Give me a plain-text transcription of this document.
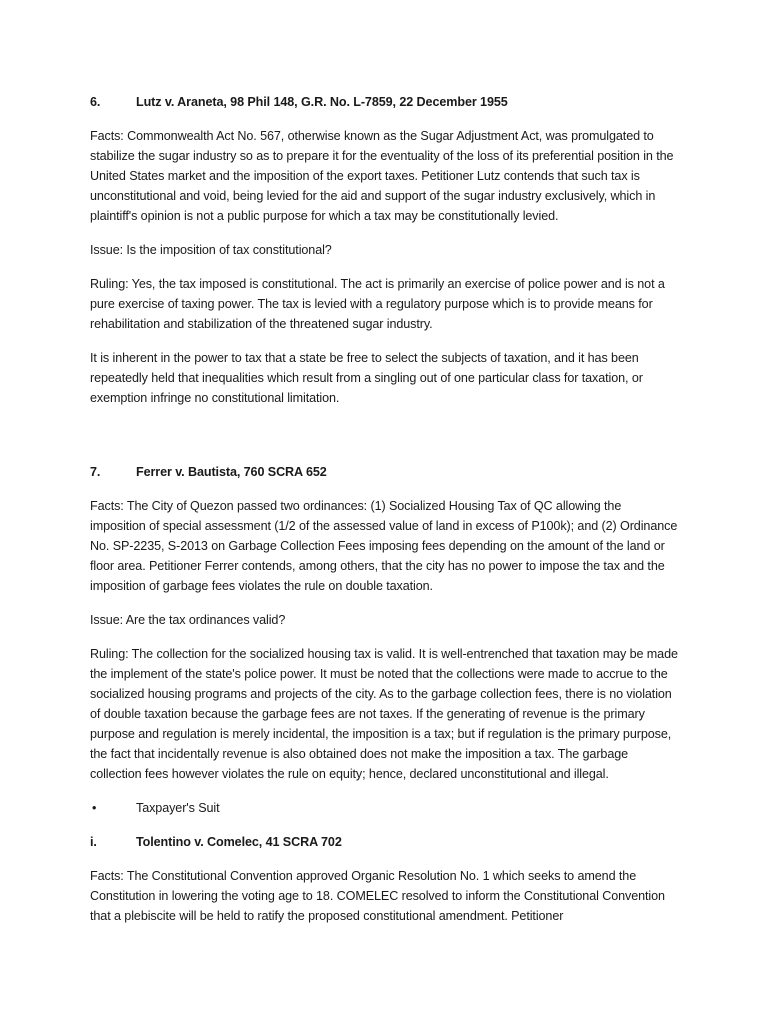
6.	Lutz v. Araneta, 98 Phil 148, G.R. No. L-7859, 22 December 1955

Facts: Commonwealth Act No. 567, otherwise known as the Sugar Adjustment Act, was promulgated to stabilize the sugar industry so as to prepare it for the eventuality of the loss of its preferential position in the United States market and the imposition of the export taxes. Petitioner Lutz contends that such tax is unconstitutional and void, being levied for the aid and support of the sugar industry exclusively, which in plaintiff's opinion is not a public purpose for which a tax may be constitutionally levied.

Issue: Is the imposition of tax constitutional?

Ruling: Yes, the tax imposed is constitutional. The act is primarily an exercise of police power and is not a pure exercise of taxing power. The tax is levied with a regulatory purpose which is to provide means for rehabilitation and stabilization of the threatened sugar industry.

It is inherent in the power to tax that a state be free to select the subjects of taxation, and it has been repeatedly held that inequalities which result from a singling out of one particular class for taxation, or exemption infringe no constitutional limitation.

7.	Ferrer v. Bautista, 760 SCRA 652

Facts: The City of Quezon passed two ordinances: (1) Socialized Housing Tax of QC allowing the imposition of special assessment (1/2 of the assessed value of land in excess of P100k); and (2) Ordinance No. SP-2235, S-2013 on Garbage Collection Fees imposing fees depending on the amount of the land or floor area. Petitioner Ferrer contends, among others, that the city has no power to impose the tax and the imposition of garbage fees violates the rule on double taxation.

Issue: Are the tax ordinances valid?

Ruling: The collection for the socialized housing tax is valid. It is well-entrenched that taxation may be made the implement of the state's police power. It must be noted that the collections were made to accrue to the socialized housing programs and projects of the city. As to the garbage collection fees, there is no violation of double taxation because the garbage fees are not taxes. If the generating of revenue is the primary purpose and regulation is merely incidental, the imposition is a tax; but if regulation is the primary purpose, the fact that incidentally revenue is also obtained does not make the imposition a tax. The garbage collection fees however violates the rule on equity; hence, declared unconstitutional and illegal.

•	Taxpayer's Suit
i.	Tolentino v. Comelec, 41 SCRA 702

Facts: The Constitutional Convention approved Organic Resolution No. 1 which seeks to amend the Constitution in lowering the voting age to 18. COMELEC resolved to inform the Constitutional Convention that a plebiscite will be held to ratify the proposed constitutional amendment. Petitioner
